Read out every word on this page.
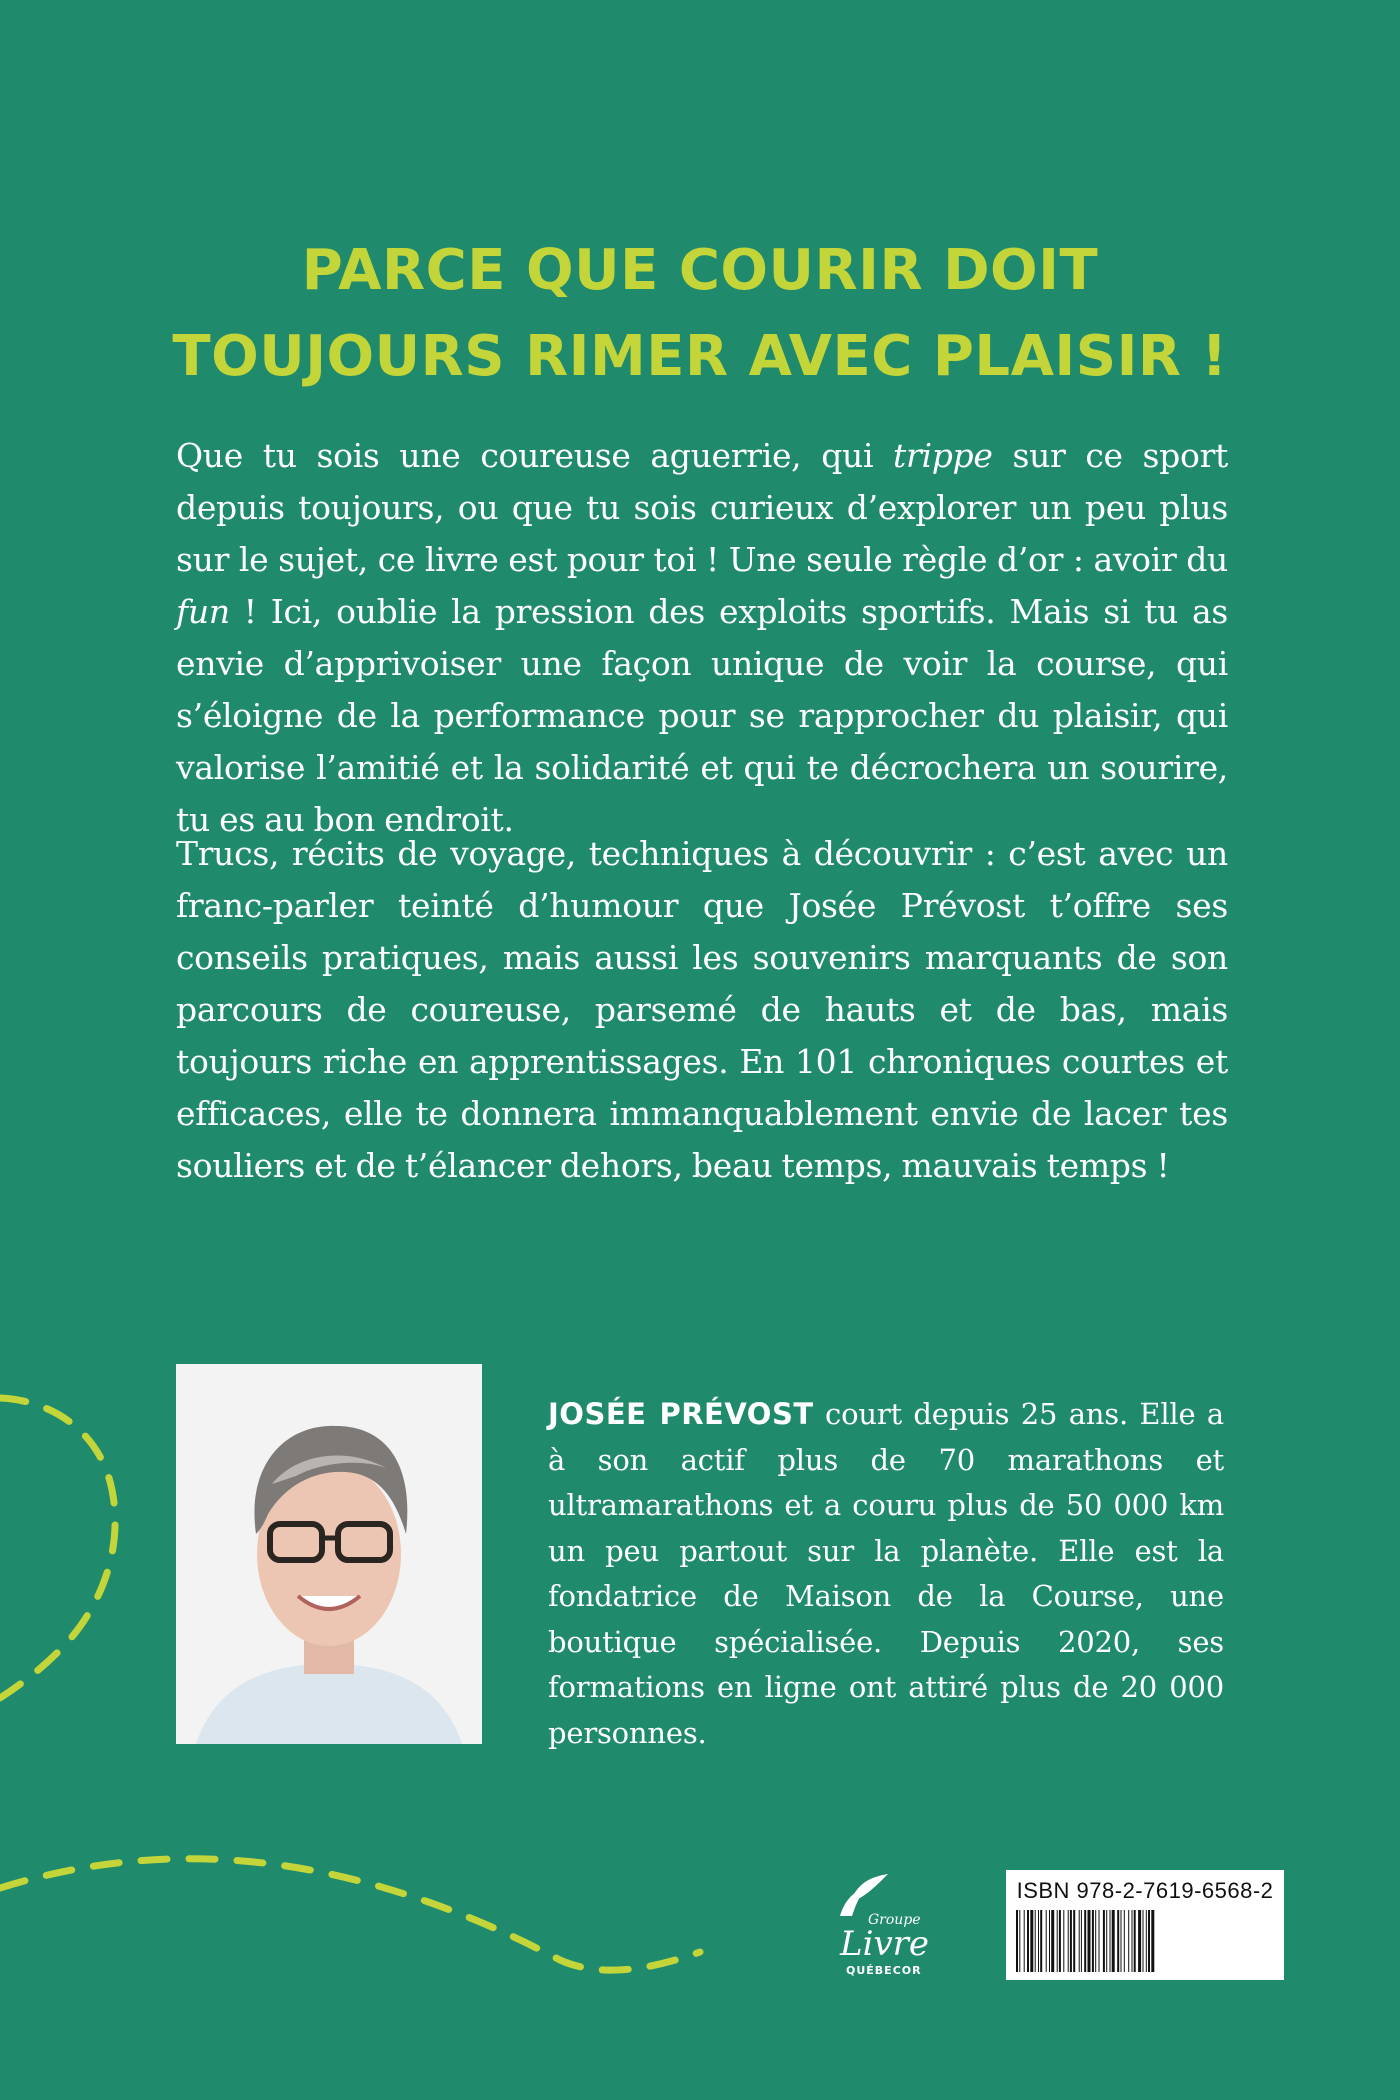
PARCE QUE COURIR DOIT
TOUJOURS RIMER AVEC PLAISIR !

Que tu sois une coureuse aguerrie, qui trippe sur ce sport depuis toujours, ou que tu sois curieux d’explorer un peu plus sur le sujet, ce livre est pour toi ! Une seule règle d’or : avoir du fun ! Ici, oublie la pression des exploits sportifs. Mais si tu as envie d’apprivoiser une façon unique de voir la course, qui s’éloigne de la performance pour se rapprocher du plaisir, qui valorise l’amitié et la solidarité et qui te décrochera un sourire, tu es au bon endroit.

Trucs, récits de voyage, techniques à découvrir : c’est avec un franc-parler teinté d’humour que Josée Prévost t’offre ses conseils pratiques, mais aussi les souvenirs marquants de son parcours de coureuse, parsemé de hauts et de bas, mais toujours riche en apprentissages. En 101 chroniques courtes et efficaces, elle te donnera immanquablement envie de lacer tes souliers et de t’élancer dehors, beau temps, mauvais temps !

JOSÉE PRÉVOST court depuis 25 ans. Elle a à son actif plus de 70 marathons et ultramarathons et a couru plus de 50 000 km un peu partout sur la planète. Elle est la fondatrice de Maison de la Course, une boutique spécialisée. Depuis 2020, ses formations en ligne ont attiré plus de 20 000 personnes.

Groupe
Livre
QUÉBECOR
ISBN 978-2-7619-6568-2
